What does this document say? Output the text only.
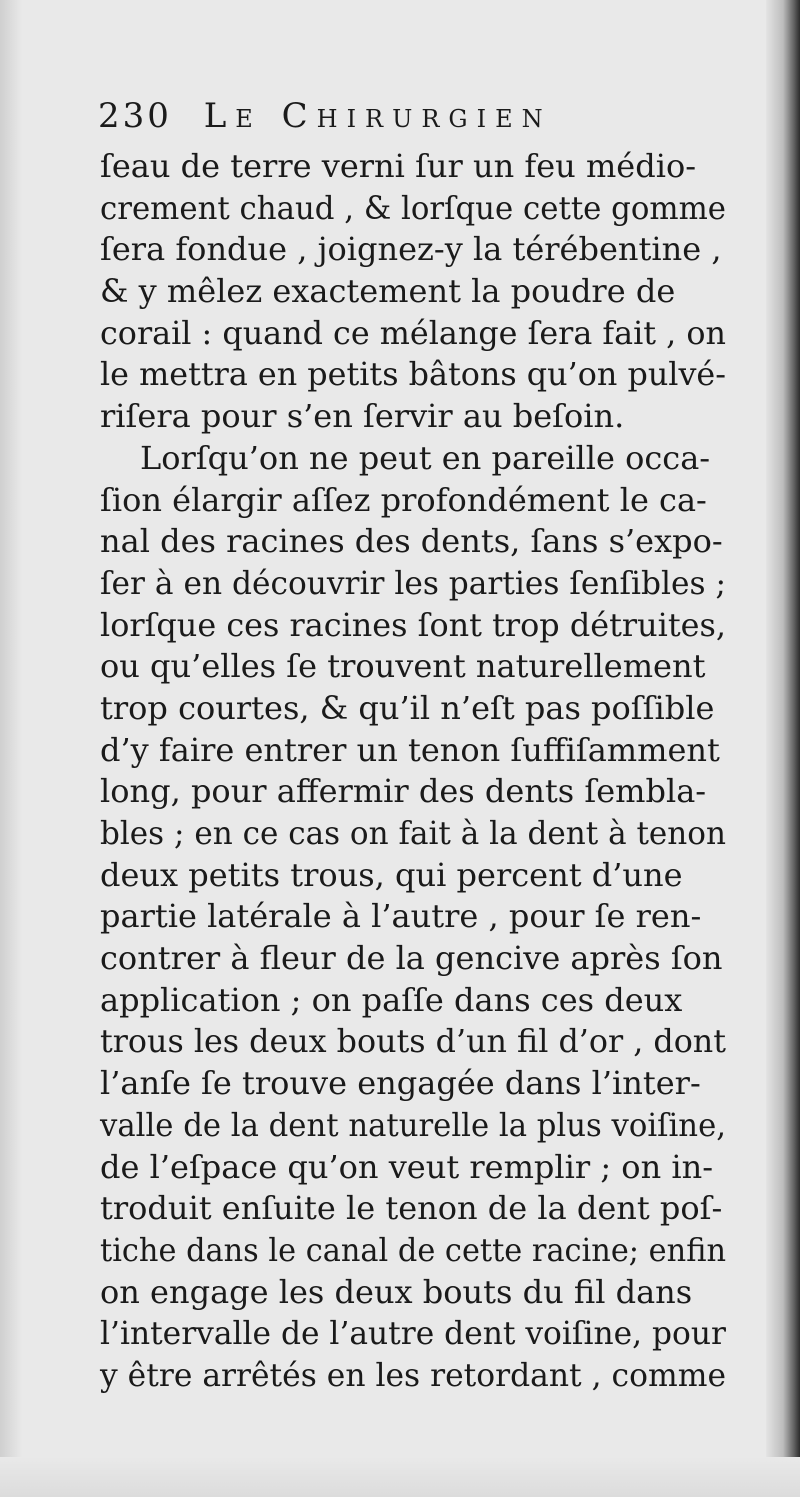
230 Le Chirurgien
ſeau de terre verni ſur un feu médio-
crement chaud , & lorſque cette gomme
ſera fondue , joignez-y la térébentine ,
& y mêlez exactement la poudre de
corail : quand ce mélange ſera fait , on
le mettra en petits bâtons qu’on pulvé-
riſera pour s’en ſervir au beſoin.
Lorſqu’on ne peut en pareille occa-
ſion élargir aſſez profondément le ca-
nal des racines des dents, ſans s’expo-
ſer à en découvrir les parties ſenſibles ;
lorſque ces racines ſont trop détruites,
ou qu’elles ſe trouvent naturellement
trop courtes, & qu’il n’eſt pas poſſible
d’y faire entrer un tenon ſuffiſamment
long, pour affermir des dents ſembla-
bles ; en ce cas on fait à la dent à tenon
deux petits trous, qui percent d’une
partie latérale à l’autre , pour ſe ren-
contrer à fleur de la gencive après ſon
application ; on paſſe dans ces deux
trous les deux bouts d’un fil d’or , dont
l’anſe ſe trouve engagée dans l’inter-
valle de la dent naturelle la plus voiſine,
de l’eſpace qu’on veut remplir ; on in-
troduit enſuite le tenon de la dent poſ-
tiche dans le canal de cette racine; enfin
on engage les deux bouts du fil dans
l’intervalle de l’autre dent voiſine, pour
y être arrêtés en les retordant , comme
